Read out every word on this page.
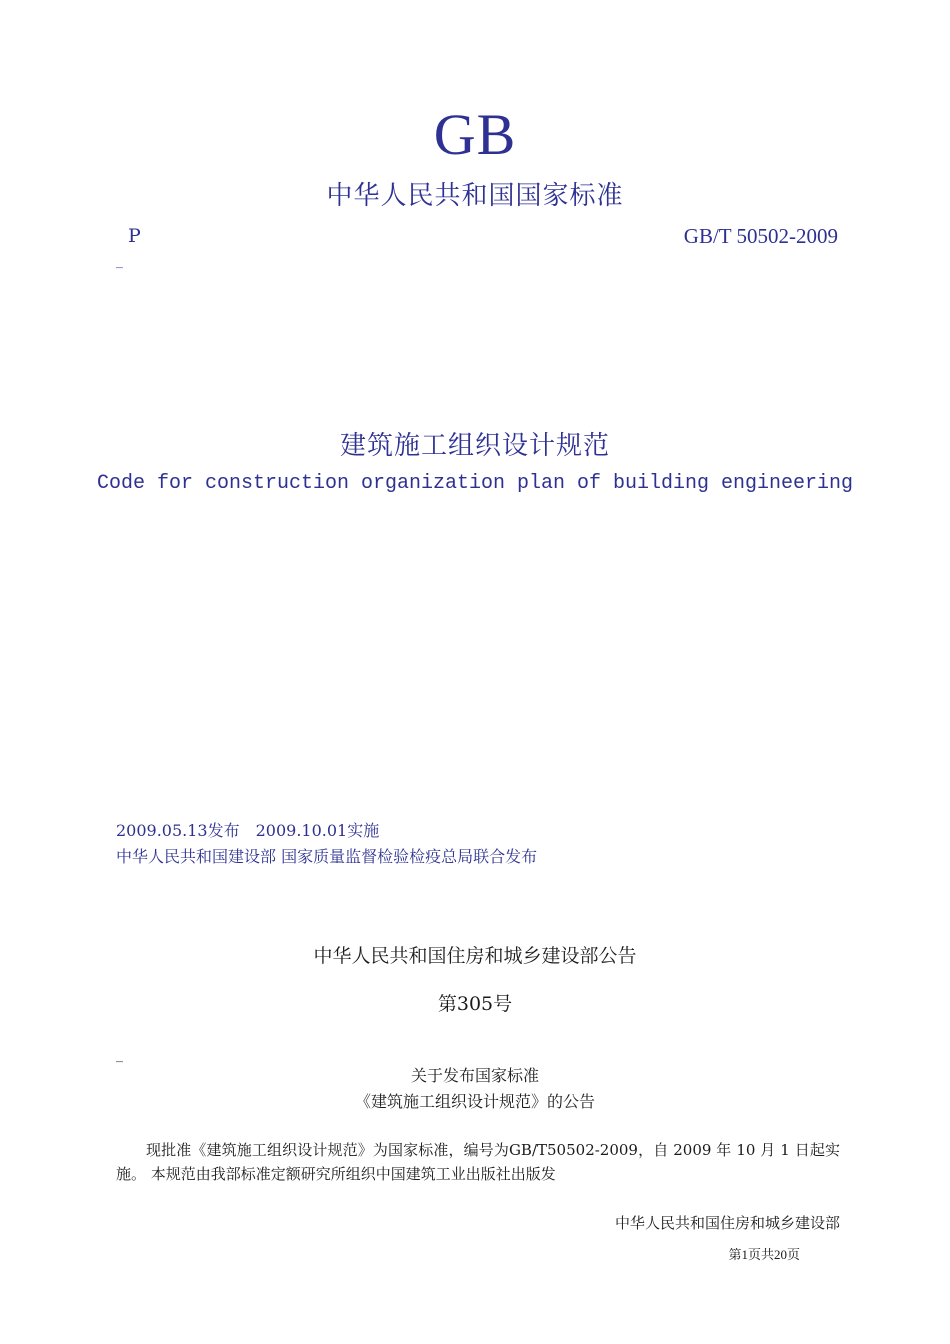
GB
中华人民共和国国家标准
P
_
GB/T 50502-2009
建筑施工组织设计规范
Code for construction organization plan of building engineering
2009.05.13发布　2009.10.01实施
中华人民共和国建设部 国家质量监督检验检疫总局联合发布
中华人民共和国住房和城乡建设部公告
第305号
_
关于发布国家标准
《建筑施工组织设计规范》的公告
现批准《建筑施工组织设计规范》为国家标准，编号为GB/T50502-2009，自 2009 年 10 月 1 日起实施。 本规范由我部标准定额研究所组织中国建筑工业出版社出版发
中华人民共和国住房和城乡建设部
第1页共20页
